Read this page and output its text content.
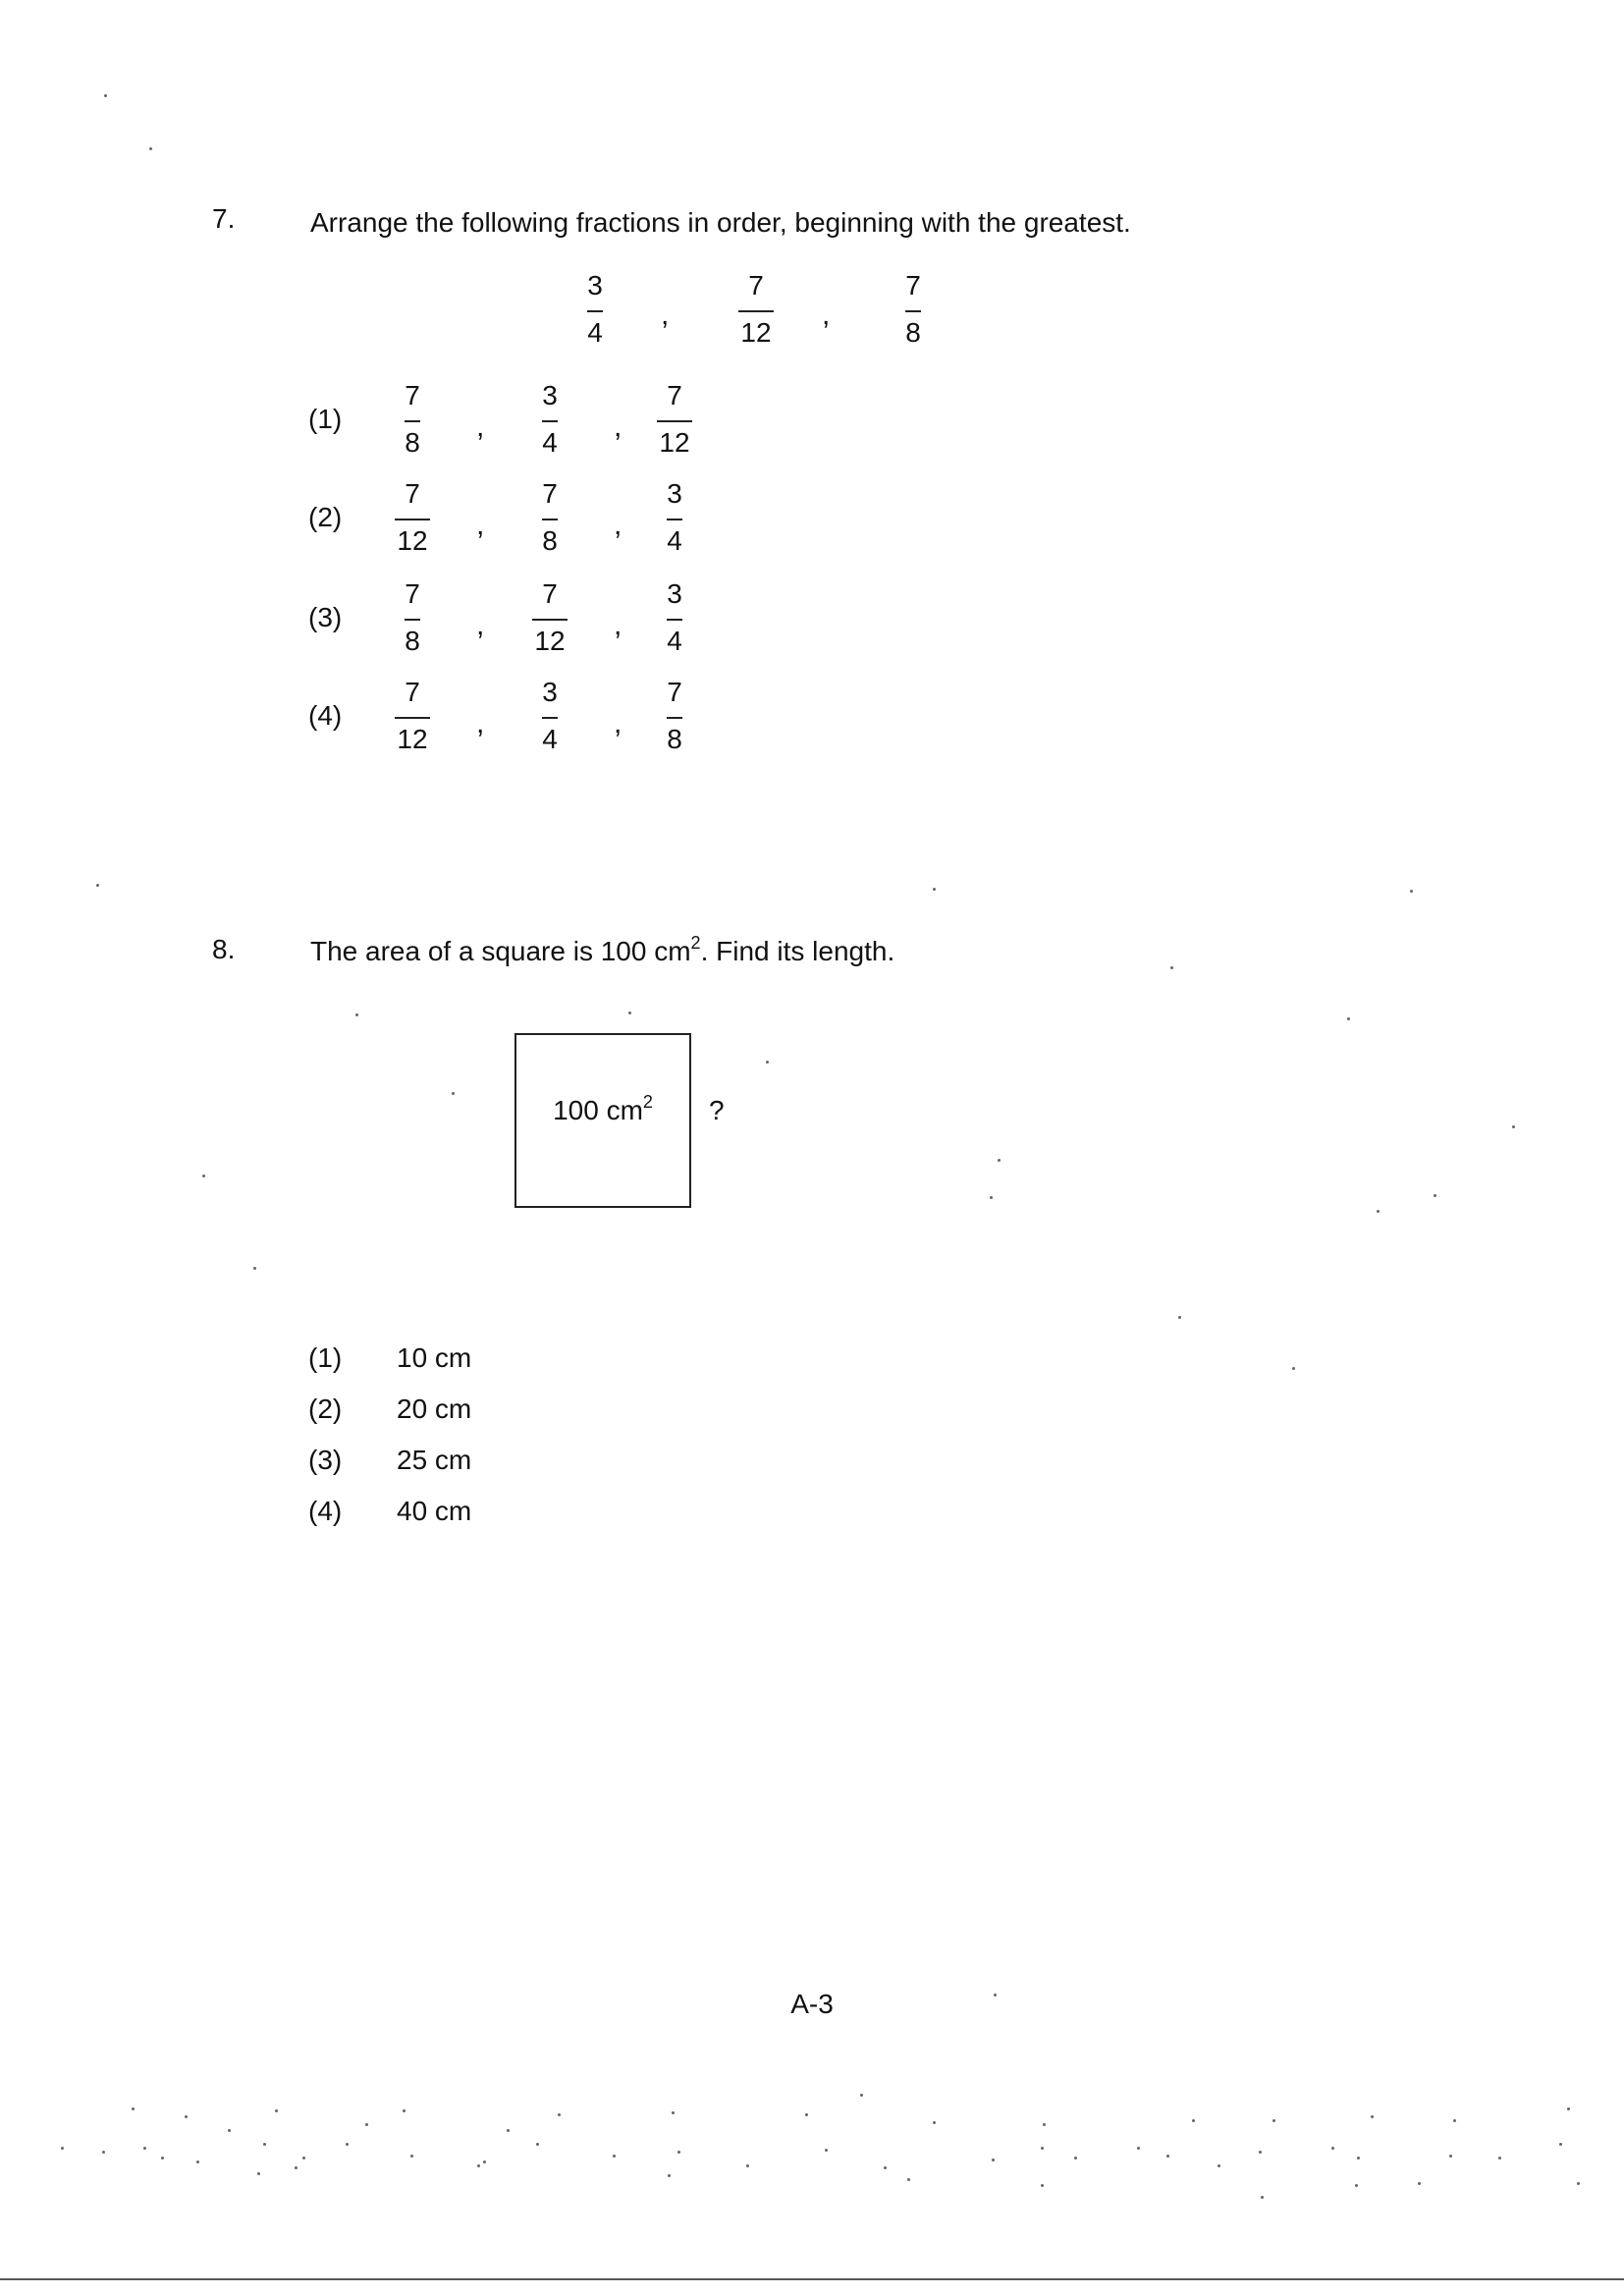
7.	Arrange the following fractions in order, beginning with the greatest.
3
4
,
7
12
,
7
8
(1)
7
8	,
3
4	,
7
12
(2)
7
12	,
7
8	,
3
4
(3)
7
8	,
7
12	,
3
4
(4)
7
12	,
3
4	,
7
8
8.	The area of a square is 100 $cm^2$. Find its length.
100 $cm^2$	?
(1) 10 cm
(2) 20 cm
(3) 25 cm
(4) 40 cm
A-3
